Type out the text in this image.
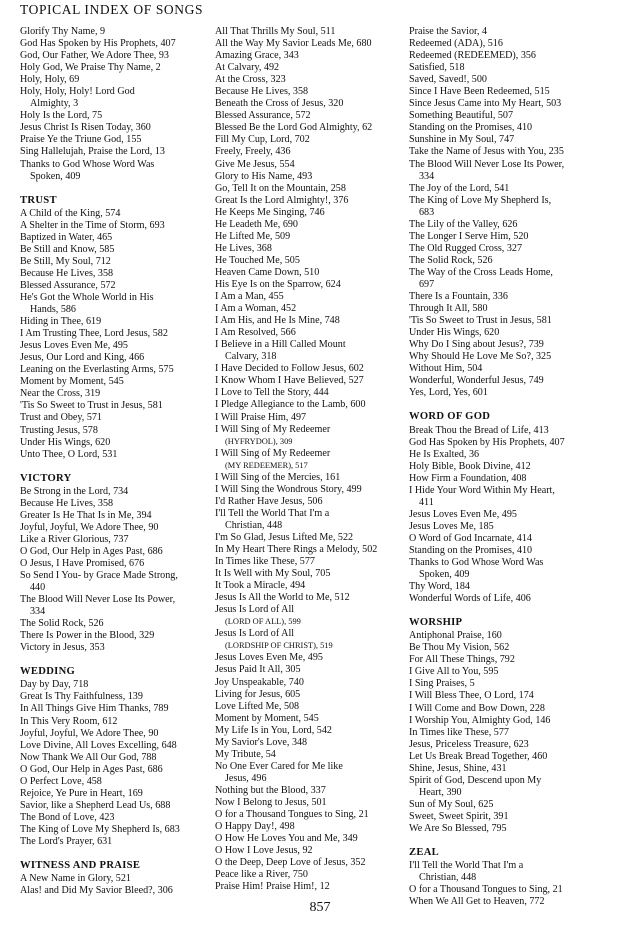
TOPICAL INDEX OF SONGS
Glorify Thy Name, 9
God Has Spoken by His Prophets, 407
God, Our Father, We Adore Thee, 93
Holy God, We Praise Thy Name, 2
Holy, Holy, 69
Holy, Holy, Holy! Lord God
Almighty, 3
Holy Is the Lord, 75
Jesus Christ Is Risen Today, 360
Praise Ye the Triune God, 155
Sing Hallelujah, Praise the Lord, 13
Thanks to God Whose Word Was
Spoken, 409
TRUST
A Child of the King, 574
A Shelter in the Time of Storm, 693
Baptized in Water, 465
Be Still and Know, 585
Be Still, My Soul, 712
Because He Lives, 358
Blessed Assurance, 572
He's Got the Whole World in His
Hands, 586
Hiding in Thee, 619
I Am Trusting Thee, Lord Jesus, 582
Jesus Loves Even Me, 495
Jesus, Our Lord and King, 466
Leaning on the Everlasting Arms, 575
Moment by Moment, 545
Near the Cross, 319
'Tis So Sweet to Trust in Jesus, 581
Trust and Obey, 571
Trusting Jesus, 578
Under His Wings, 620
Unto Thee, O Lord, 531
VICTORY
Be Strong in the Lord, 734
Because He Lives, 358
Greater Is He That Is in Me, 394
Joyful, Joyful, We Adore Thee, 90
Like a River Glorious, 737
O God, Our Help in Ages Past, 686
O Jesus, I Have Promised, 676
So Send I You- by Grace Made Strong,
440
The Blood Will Never Lose Its Power,
334
The Solid Rock, 526
There Is Power in the Blood, 329
Victory in Jesus, 353
WEDDING
Day by Day, 718
Great Is Thy Faithfulness, 139
In All Things Give Him Thanks, 789
In This Very Room, 612
Joyful, Joyful, We Adore Thee, 90
Love Divine, All Loves Excelling, 648
Now Thank We All Our God, 788
O God, Our Help in Ages Past, 686
O Perfect Love, 458
Rejoice, Ye Pure in Heart, 169
Savior, like a Shepherd Lead Us, 688
The Bond of Love, 423
The King of Love My Shepherd Is, 683
The Lord's Prayer, 631
WITNESS AND PRAISE
A New Name in Glory, 521
Alas! and Did My Savior Bleed?, 306
All That Thrills My Soul, 511
All the Way My Savior Leads Me, 680
Amazing Grace, 343
At Calvary, 492
At the Cross, 323
Because He Lives, 358
Beneath the Cross of Jesus, 320
Blessed Assurance, 572
Blessed Be the Lord God Almighty, 62
Fill My Cup, Lord, 702
Freely, Freely, 436
Give Me Jesus, 554
Glory to His Name, 493
Go, Tell It on the Mountain, 258
Great Is the Lord Almighty!, 376
He Keeps Me Singing, 746
He Leadeth Me, 690
He Lifted Me, 509
He Lives, 368
He Touched Me, 505
Heaven Came Down, 510
His Eye Is on the Sparrow, 624
I Am a Man, 455
I Am a Woman, 452
I Am His, and He Is Mine, 748
I Am Resolved, 566
I Believe in a Hill Called Mount
Calvary, 318
I Have Decided to Follow Jesus, 602
I Know Whom I Have Believed, 527
I Love to Tell the Story, 444
I Pledge Allegiance to the Lamb, 600
I Will Praise Him, 497
I Will Sing of My Redeemer
(HYFRYDOL), 309
I Will Sing of My Redeemer
(MY REDEEMER), 517
I Will Sing of the Mercies, 161
I Will Sing the Wondrous Story, 499
I'd Rather Have Jesus, 506
I'll Tell the World That I'm a
Christian, 448
I'm So Glad, Jesus Lifted Me, 522
In My Heart There Rings a Melody, 502
In Times like These, 577
It Is Well with My Soul, 705
It Took a Miracle, 494
Jesus Is All the World to Me, 512
Jesus Is Lord of All
(LORD OF ALL), 599
Jesus Is Lord of All
(LORDSHIP OF CHRIST), 519
Jesus Loves Even Me, 495
Jesus Paid It All, 305
Joy Unspeakable, 740
Living for Jesus, 605
Love Lifted Me, 508
Moment by Moment, 545
My Life Is in You, Lord, 542
My Savior's Love, 348
My Tribute, 54
No One Ever Cared for Me like
Jesus, 496
Nothing but the Blood, 337
Now I Belong to Jesus, 501
O for a Thousand Tongues to Sing, 21
O Happy Day!, 498
O How He Loves You and Me, 349
O How I Love Jesus, 92
O the Deep, Deep Love of Jesus, 352
Peace like a River, 750
Praise Him! Praise Him!, 12
Praise the Savior, 4
Redeemed (ADA), 516
Redeemed (REDEEMED), 356
Satisfied, 518
Saved, Saved!, 500
Since I Have Been Redeemed, 515
Since Jesus Came into My Heart, 503
Something Beautiful, 507
Standing on the Promises, 410
Sunshine in My Soul, 747
Take the Name of Jesus with You, 235
The Blood Will Never Lose Its Power,
334
The Joy of the Lord, 541
The King of Love My Shepherd Is,
683
The Lily of the Valley, 626
The Longer I Serve Him, 520
The Old Rugged Cross, 327
The Solid Rock, 526
The Way of the Cross Leads Home,
697
There Is a Fountain, 336
Through It All, 580
'Tis So Sweet to Trust in Jesus, 581
Under His Wings, 620
Why Do I Sing about Jesus?, 739
Why Should He Love Me So?, 325
Without Him, 504
Wonderful, Wonderful Jesus, 749
Yes, Lord, Yes, 601
WORD OF GOD
Break Thou the Bread of Life, 413
God Has Spoken by His Prophets, 407
He Is Exalted, 36
Holy Bible, Book Divine, 412
How Firm a Foundation, 408
I Hide Your Word Within My Heart,
411
Jesus Loves Even Me, 495
Jesus Loves Me, 185
O Word of God Incarnate, 414
Standing on the Promises, 410
Thanks to God Whose Word Was
Spoken, 409
Thy Word, 184
Wonderful Words of Life, 406
WORSHIP
Antiphonal Praise, 160
Be Thou My Vision, 562
For All These Things, 792
I Give All to You, 595
I Sing Praises, 5
I Will Bless Thee, O Lord, 174
I Will Come and Bow Down, 228
I Worship You, Almighty God, 146
In Times like These, 577
Jesus, Priceless Treasure, 623
Let Us Break Bread Together, 460
Shine, Jesus, Shine, 431
Spirit of God, Descend upon My
Heart, 390
Sun of My Soul, 625
Sweet, Sweet Spirit, 391
We Are So Blessed, 795
ZEAL
I'll Tell the World That I'm a
Christian, 448
O for a Thousand Tongues to Sing, 21
When We All Get to Heaven, 772
857
